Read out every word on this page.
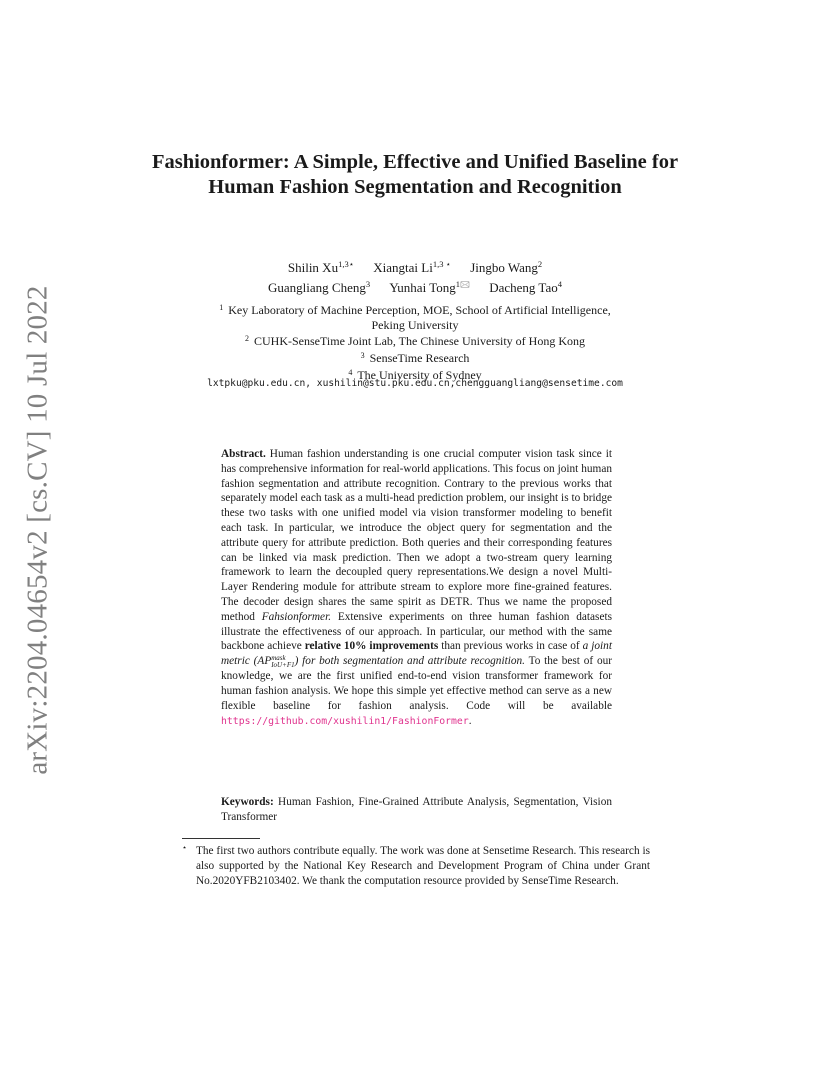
arXiv:2204.04654v2 [cs.CV] 10 Jul 2022
Fashionformer: A Simple, Effective and Unified Baseline for Human Fashion Segmentation and Recognition
Shilin $Xu^{1,3⋆}$ Xiangtai $Li^{1,3 ⋆}$ Jingbo Wang$^2$
Guangliang Cheng$^3$ Yunhai Tong$^{1🖂}$ Dacheng Tao$^4$
$^1$ Key Laboratory of Machine Perception, MOE, School of Artificial Intelligence,
Peking University
$^2$ CUHK-SenseTime Joint Lab, The Chinese University of Hong Kong
$^3$ SenseTime Research
$^4$ The University of Sydney
lxtpku@pku.edu.cn, xushilin@stu.pku.edu.cn,chengguangliang@sensetime.com
Abstract. Human fashion understanding is one crucial computer vision task since it has comprehensive information for real-world applications. This focus on joint human fashion segmentation and attribute recognition. Contrary to the previous works that separately model each task as a multi-head prediction problem, our insight is to bridge these two tasks with one unified model via vision transformer modeling to benefit each task. In particular, we introduce the object query for segmentation and the attribute query for attribute prediction. Both queries and their corresponding features can be linked via mask prediction. Then we adopt a two-stream query learning framework to learn the decoupled query representations.We design a novel Multi-Layer Rendering module for attribute stream to explore more fine-grained features. The decoder design shares the same spirit as DETR. Thus we name the proposed method Fahsionformer. Extensive experiments on three human fashion datasets illustrate the effectiveness of our approach. In particular, our method with the same backbone achieve relative 10% improvements than previous works in case of a joint metric (AP mask
IoU+F1 ) for both segmentation and attribute recognition. To the best of our knowledge, we are the first unified end-to-end vision transformer framework for human fashion analysis. We hope this simple yet effective method can serve as a new flexible baseline for fashion analysis. Code will be available https://github.com/xushilin1/FashionFormer.
Keywords: Human Fashion, Fine-Grained Attribute Analysis, Segmentation, Vision Transformer
⋆ The first two authors contribute equally. The work was done at Sensetime Research. This research is also supported by the National Key Research and Development Program of China under Grant No.2020YFB2103402. We thank the computation resource provided by SenseTime Research.
